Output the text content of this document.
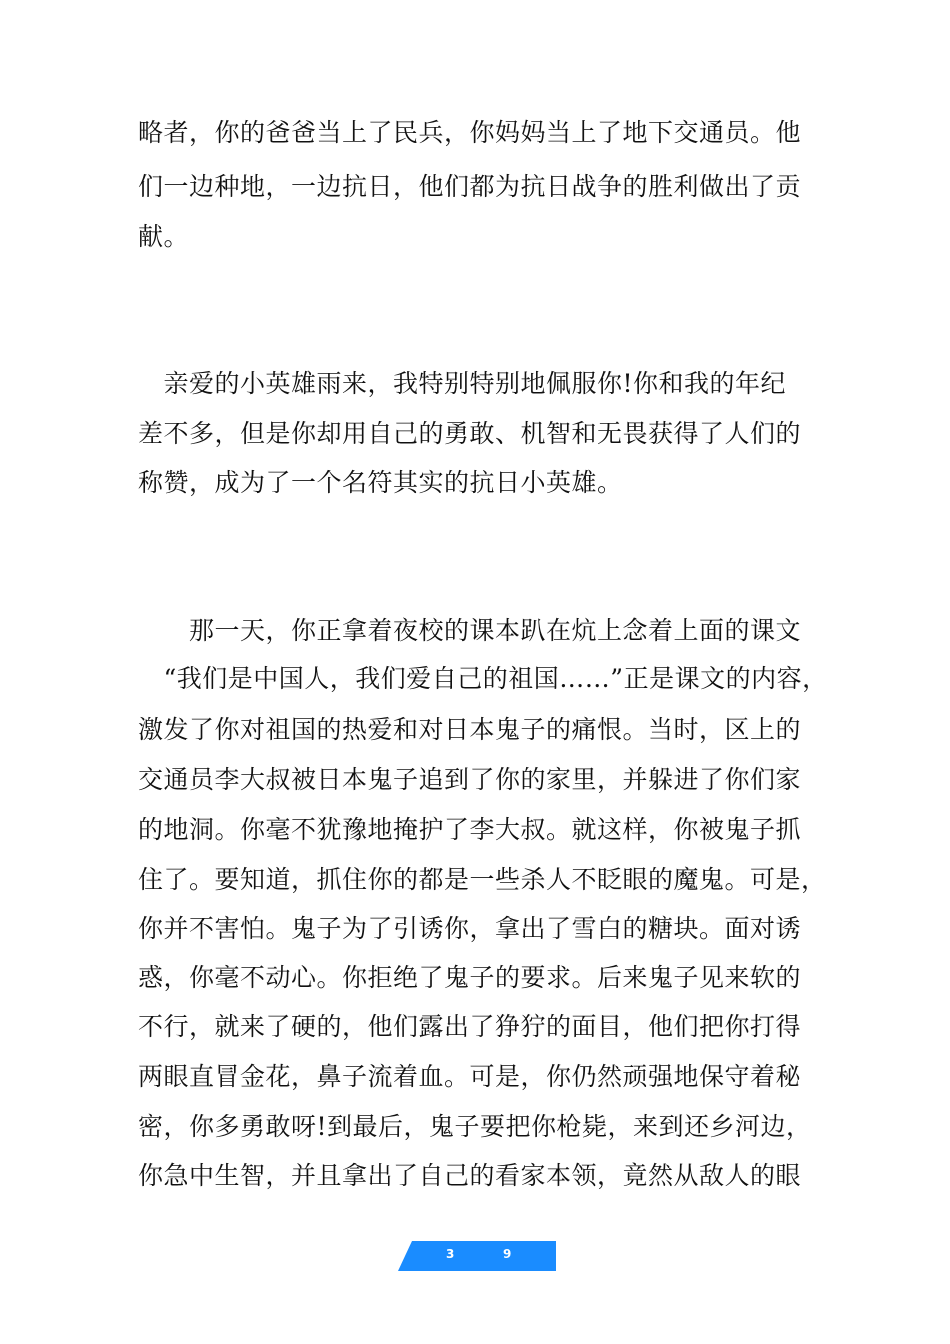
略者，你的爸爸当上了民兵，你妈妈当上了地下交通员。他
们一边种地，一边抗日，他们都为抗日战争的胜利做出了贡
献。
　亲爱的小英雄雨来，我特别特别地佩服你!你和我的年纪
差不多，但是你却用自己的勇敢、机智和无畏获得了人们的
称赞，成为了一个名符其实的抗日小英雄。
　　那一天，你正拿着夜校的课本趴在炕上念着上面的课文
　“我们是中国人，我们爱自己的祖国……”正是课文的内容，
激发了你对祖国的热爱和对日本鬼子的痛恨。当时，区上的
交通员李大叔被日本鬼子追到了你的家里，并躲进了你们家
的地洞。你毫不犹豫地掩护了李大叔。就这样，你被鬼子抓
住了。要知道，抓住你的都是一些杀人不眨眼的魔鬼。可是，
你并不害怕。鬼子为了引诱你，拿出了雪白的糖块。面对诱
惑，你毫不动心。你拒绝了鬼子的要求。后来鬼子见来软的
不行，就来了硬的，他们露出了狰狞的面目，他们把你打得
两眼直冒金花，鼻子流着血。可是，你仍然顽强地保守着秘
密，你多勇敢呀!到最后，鬼子要把你枪毙，来到还乡河边，
你急中生智，并且拿出了自己的看家本领，竟然从敌人的眼
3	9
